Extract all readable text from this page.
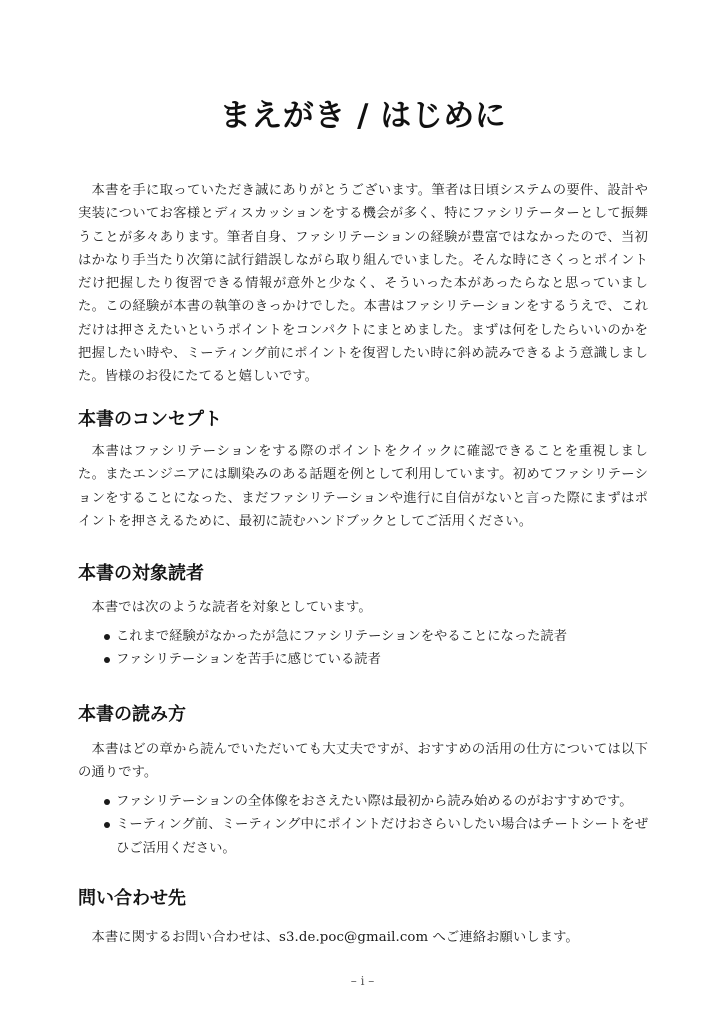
まえがき / はじめに

本書を手に取っていただき誠にありがとうございます。筆者は日頃システムの要件、設計や実装についてお客様とディスカッションをする機会が多く、特にファシリテーターとして振舞うことが多々あります。筆者自身、ファシリテーションの経験が豊富ではなかったので、当初はかなり手当たり次第に試行錯誤しながら取り組んでいました。そんな時にさくっとポイントだけ把握したり復習できる情報が意外と少なく、そういった本があったらなと思っていました。この経験が本書の執筆のきっかけでした。本書はファシリテーションをするうえで、これだけは押さえたいというポイントをコンパクトにまとめました。まずは何をしたらいいのかを把握したい時や、ミーティング前にポイントを復習したい時に斜め読みできるよう意識しました。皆様のお役にたてると嬉しいです。

本書のコンセプト

本書はファシリテーションをする際のポイントをクイックに確認できることを重視しました。またエンジニアには馴染みのある話題を例として利用しています。初めてファシリテーションをすることになった、まだファシリテーションや進行に自信がないと言った際にまずはポイントを押さえるために、最初に読むハンドブックとしてご活用ください。

本書の対象読者

本書では次のような読者を対象としています。

これまで経験がなかったが急にファシリテーションをやることになった読者
ファシリテーションを苦手に感じている読者
本書の読み方

本書はどの章から読んでいただいても大丈夫ですが、おすすめの活用の仕方については以下の通りです。

ファシリテーションの全体像をおさえたい際は最初から読み始めるのがおすすめです。
ミーティング前、ミーティング中にポイントだけおさらいしたい場合はチートシートをぜひご活用ください。
問い合わせ先

本書に関するお問い合わせは、s3.de.poc@gmail.com へご連絡お願いします。

– i –
